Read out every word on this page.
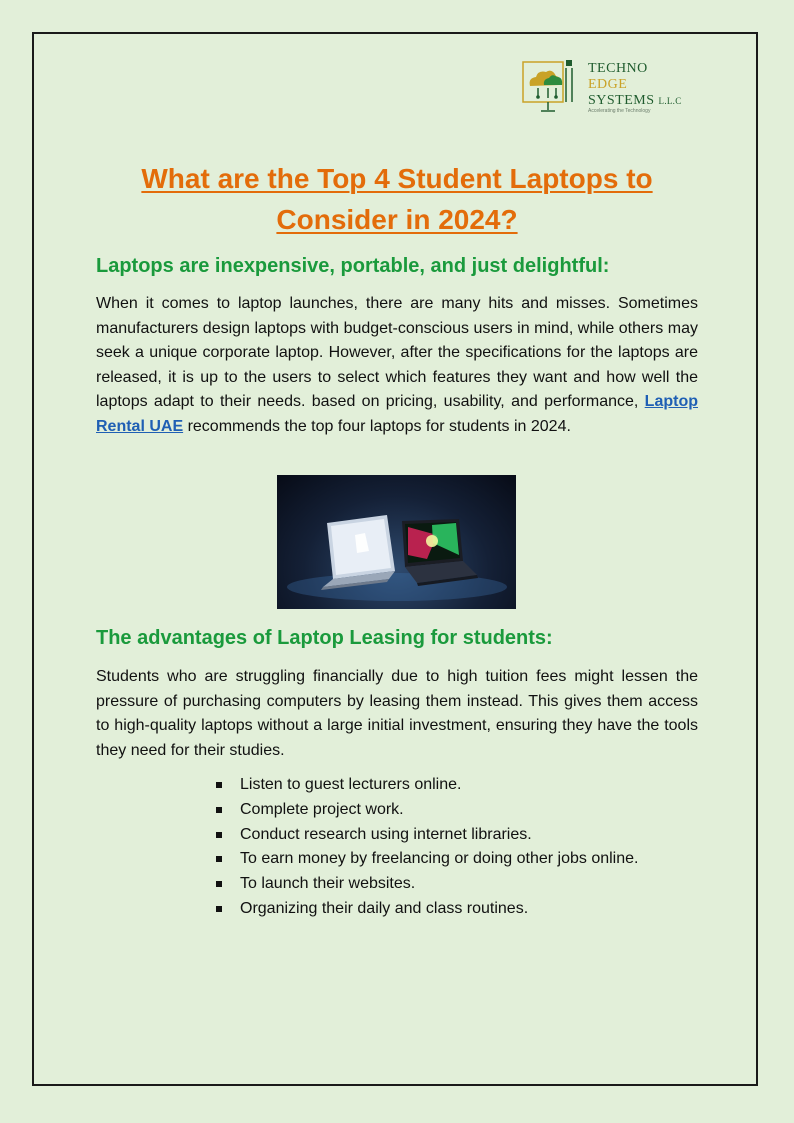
TECHNO
EDGE
SYSTEMS L.L.C
Accelerating the Technology
What are the Top 4 Student Laptops to Consider in 2024?
Laptops are inexpensive, portable, and just delightful:

When it comes to laptop launches, there are many hits and misses. Sometimes manufacturers design laptops with budget-conscious users in mind, while others may seek a unique corporate laptop. However, after the specifications for the laptops are released, it is up to the users to select which features they want and how well the laptops adapt to their needs. based on pricing, usability, and performance, Laptop Rental UAE recommends the top four laptops for students in 2024.

The advantages of Laptop Leasing for students:

Students who are struggling financially due to high tuition fees might lessen the pressure of purchasing computers by leasing them instead. This gives them access to high-quality laptops without a large initial investment, ensuring they have the tools they need for their studies.

Listen to guest lecturers online.
Complete project work.
Conduct research using internet libraries.
To earn money by freelancing or doing other jobs online.
To launch their websites.
Organizing their daily and class routines.
